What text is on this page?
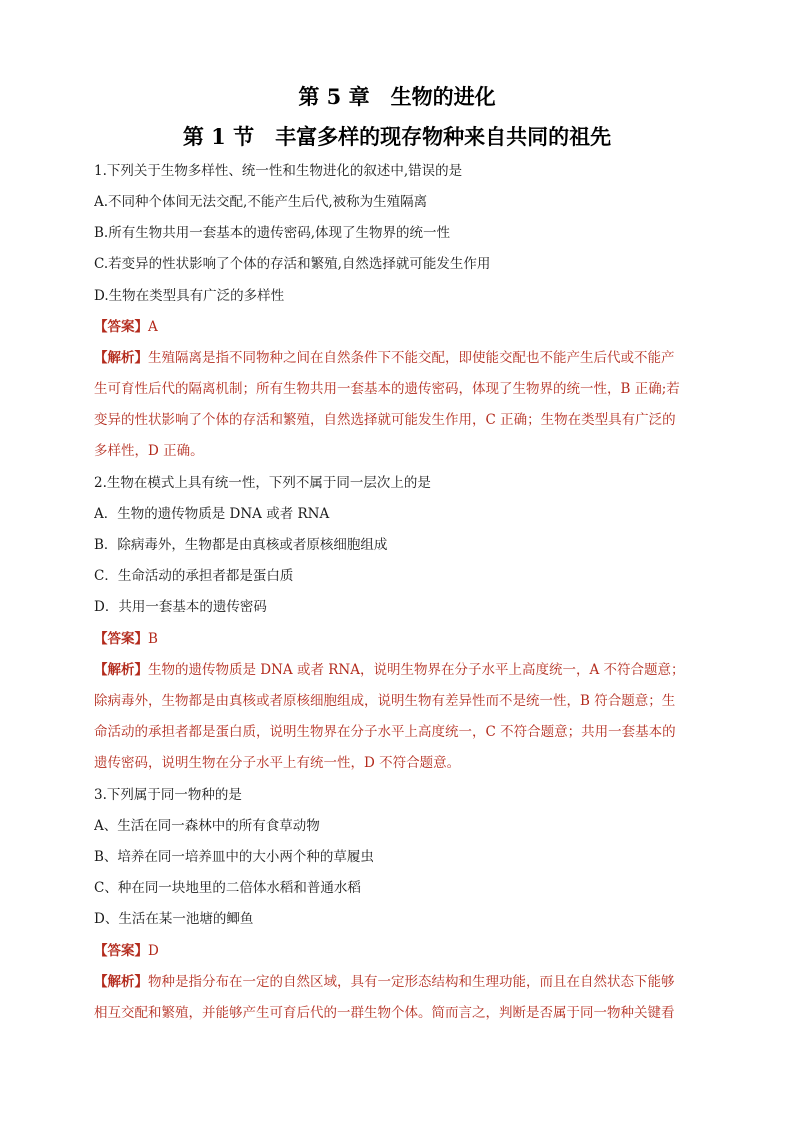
第 5 章　生物的进化
第 1 节　丰富多样的现存物种来自共同的祖先
1.下列关于生物多样性、统一性和生物进化的叙述中,错误的是
A.不同种个体间无法交配,不能产生后代,被称为生殖隔离
B.所有生物共用一套基本的遗传密码,体现了生物界的统一性
C.若变异的性状影响了个体的存活和繁殖,自然选择就可能发生作用
D.生物在类型具有广泛的多样性
【答案】A
【解析】生殖隔离是指不同物种之间在自然条件下不能交配，即使能交配也不能产生后代或不能产
生可育性后代的隔离机制；所有生物共用一套基本的遗传密码，体现了生物界的统一性，B 正确;若
变异的性状影响了个体的存活和繁殖，自然选择就可能发生作用，C 正确；生物在类型具有广泛的
多样性，D 正确。
2.生物在模式上具有统一性，下列不属于同一层次上的是
A．生物的遗传物质是 DNA 或者 RNA
B．除病毒外，生物都是由真核或者原核细胞组成
C．生命活动的承担者都是蛋白质
D．共用一套基本的遗传密码
【答案】B
【解析】生物的遗传物质是 DNA 或者 RNA，说明生物界在分子水平上高度统一，A 不符合题意；
除病毒外，生物都是由真核或者原核细胞组成，说明生物有差异性而不是统一性，B 符合题意；生
命活动的承担者都是蛋白质，说明生物界在分子水平上高度统一，C 不符合题意；共用一套基本的
遗传密码，说明生物在分子水平上有统一性，D 不符合题意。
3.下列属于同一物种的是
A、生活在同一森林中的所有食草动物
B、培养在同一培养皿中的大小两个种的草履虫
C、种在同一块地里的二倍体水稻和普通水稻
D、生活在某一池塘的鲫鱼
【答案】D
【解析】物种是指分布在一定的自然区域，具有一定形态结构和生理功能，而且在自然状态下能够
相互交配和繁殖，并能够产生可育后代的一群生物个体。简而言之，判断是否属于同一物种关键看
